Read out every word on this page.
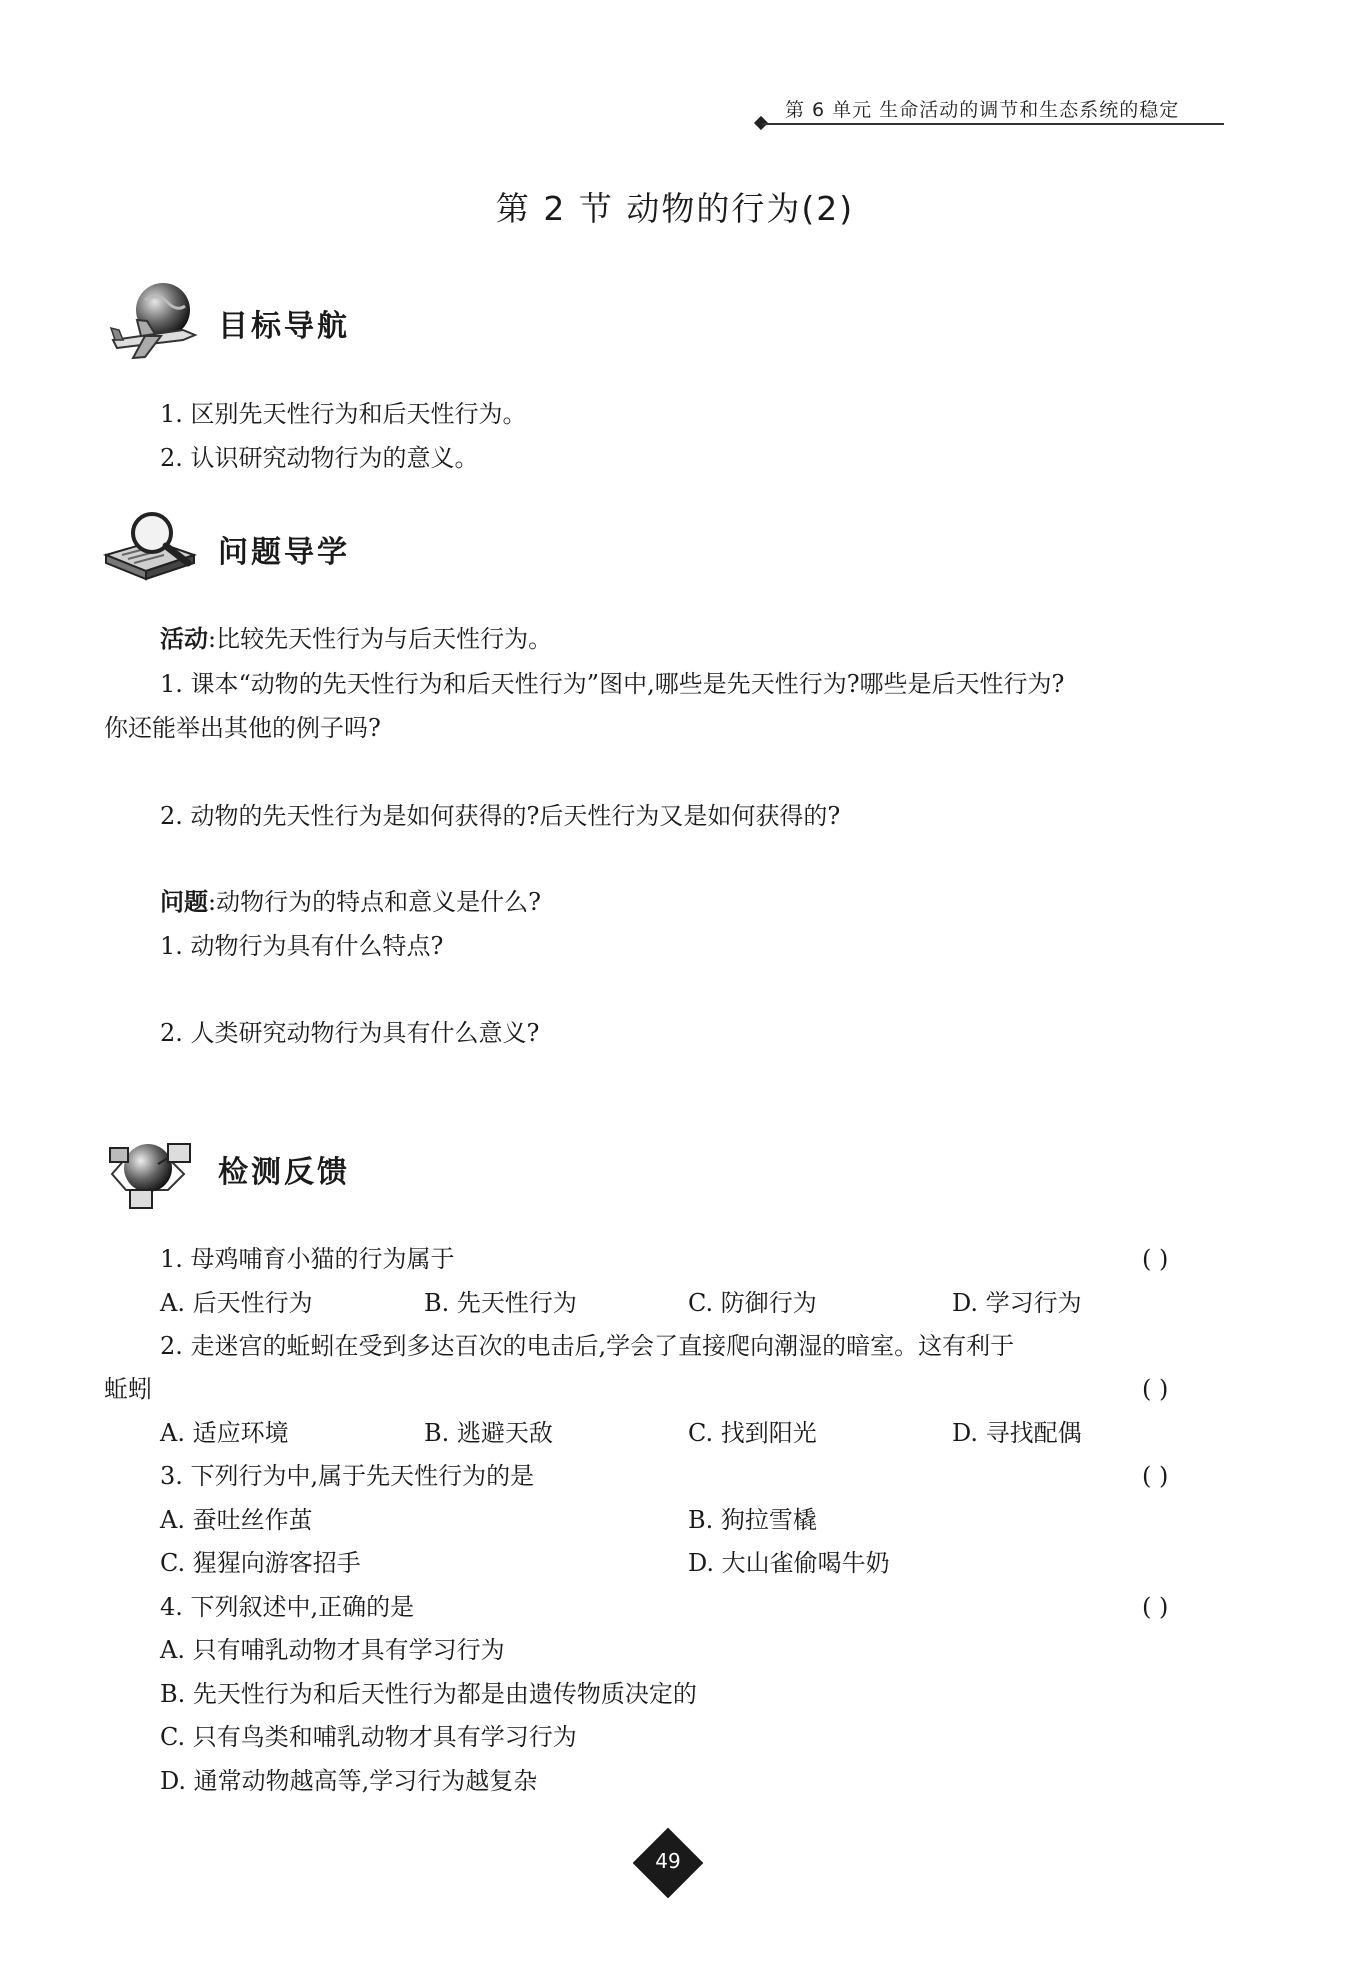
第 6 单元 生命活动的调节和生态系统的稳定
第 2 节 动物的行为(2)
目标导航
1. 区别先天性行为和后天性行为。
2. 认识研究动物行为的意义。
问题导学
活动:比较先天性行为与后天性行为。
1. 课本“动物的先天性行为和后天性行为”图中,哪些是先天性行为?哪些是后天性行为?
你还能举出其他的例子吗?
2. 动物的先天性行为是如何获得的?后天性行为又是如何获得的?
问题:动物行为的特点和意义是什么?
1. 动物行为具有什么特点?
2. 人类研究动物行为具有什么意义?
检测反馈
1. 母鸡哺育小猫的行为属于	( )
A. 后天性行为	B. 先天性行为	C. 防御行为	D. 学习行为
2. 走迷宫的蚯蚓在受到多达百次的电击后,学会了直接爬向潮湿的暗室。这有利于
蚯蚓	( )
A. 适应环境	B. 逃避天敌	C. 找到阳光	D. 寻找配偶
3. 下列行为中,属于先天性行为的是	( )
A. 蚕吐丝作茧	B. 狗拉雪橇
C. 猩猩向游客招手	D. 大山雀偷喝牛奶
4. 下列叙述中,正确的是	( )
A. 只有哺乳动物才具有学习行为
B. 先天性行为和后天性行为都是由遗传物质决定的
C. 只有鸟类和哺乳动物才具有学习行为
D. 通常动物越高等,学习行为越复杂
49
